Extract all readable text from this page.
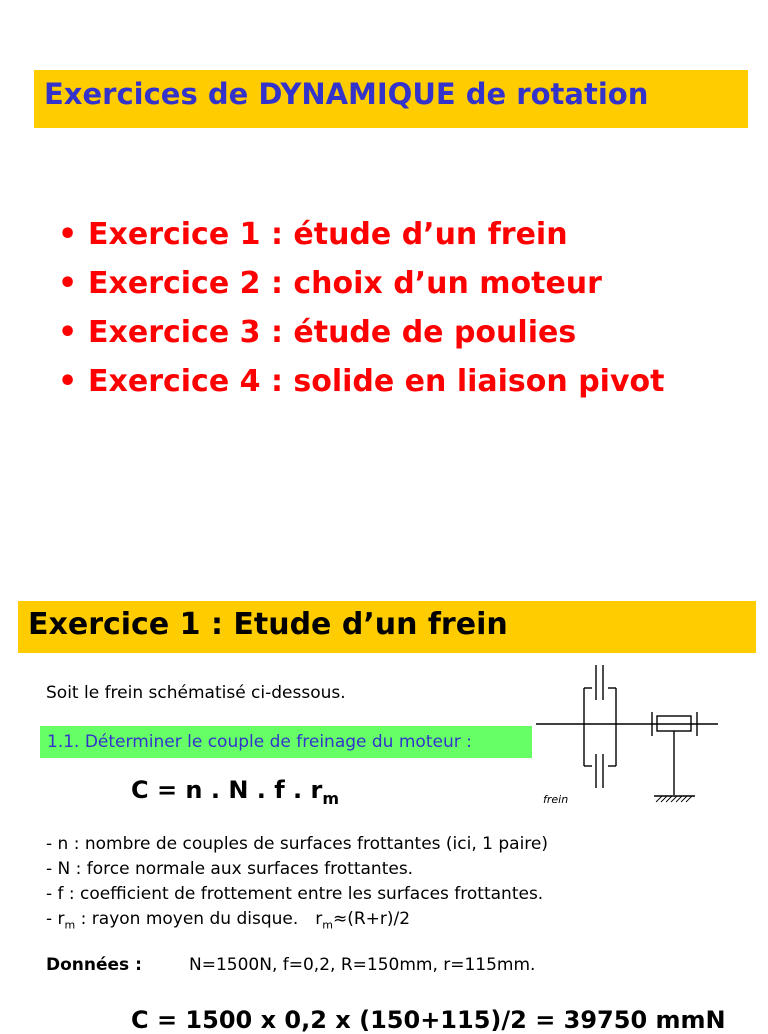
Exercices de DYNAMIQUE de rotation
• Exercice 1 : étude d’un frein
• Exercice 2 : choix d’un moteur
• Exercice 3 : étude de poulies
• Exercice 4 : solide en liaison pivot
Exercice 1 : Etude d’un frein
Soit le frein schématisé ci-dessous.
1.1. Déterminer le couple de freinage du moteur :
C = n . N . f . $r_m$
- n : nombre de couples de surfaces frottantes (ici, 1 paire)
- N : force normale aux surfaces frottantes.
- f : coefficient de frottement entre les surfaces frottantes.
- $r_m$ : rayon moyen du disque. $r_m\approx(R+r)/2$
Données :	N=1500N, f=0,2, R=150mm, r=115mm.
C = 1500 x 0,2 x (150+115)/2 = 39750 mmN
frein
